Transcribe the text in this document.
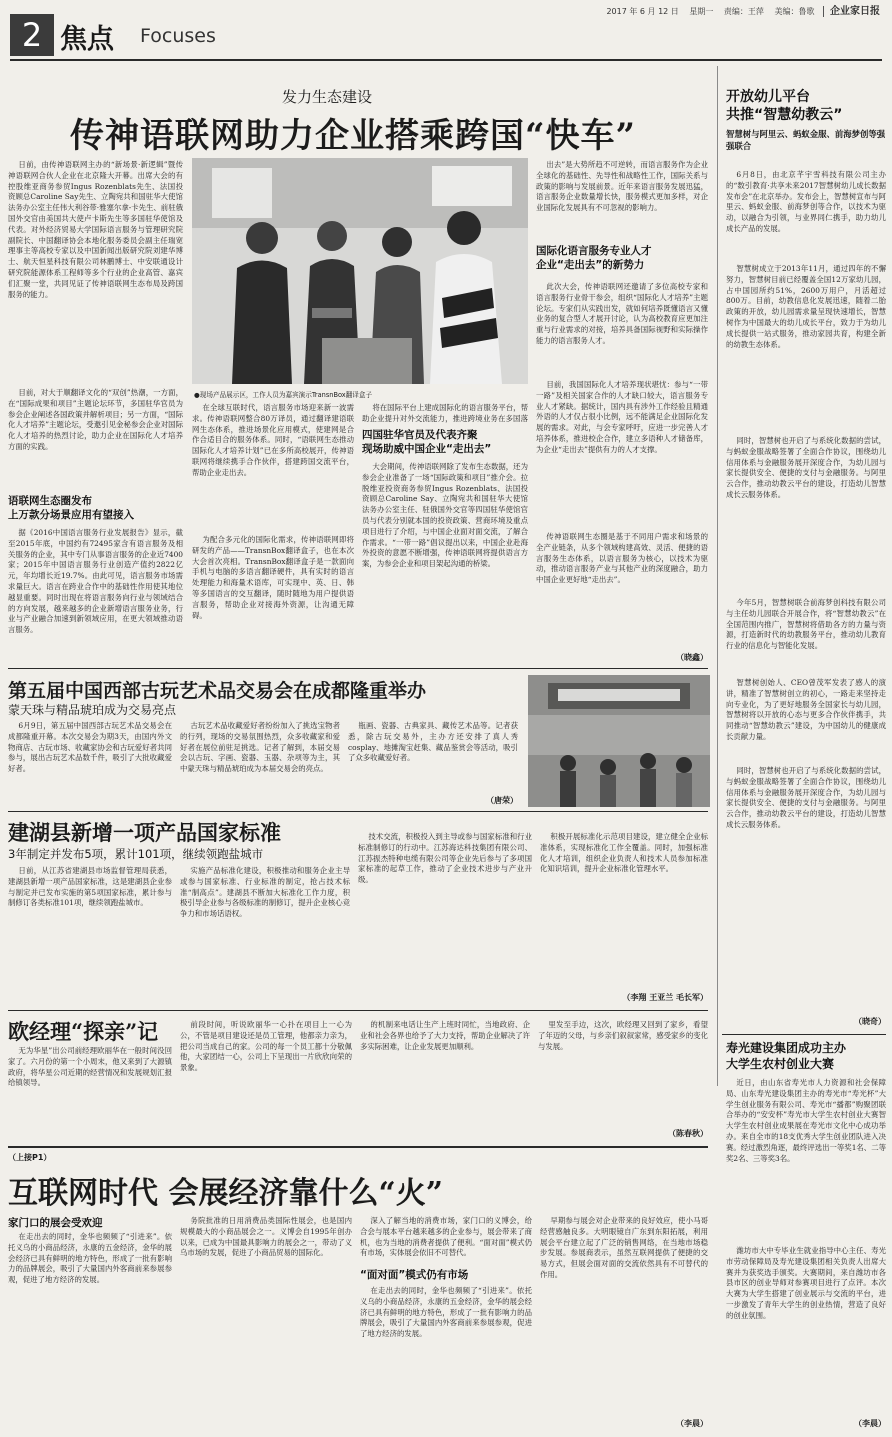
2017 年 6 月 12 日 星期一 责编：王萍 美编：鲁歌 企业家日报
2 焦点 Focuses
发力生态建设
传神语联网助力企业搭乘跨国“快车”
日前，由传神语联网主办的“新场景·新逻辑”暨传神语联网合伙人企业在北京隆大开幕。出席大会的有控股维亚商务参贸Ingus Rozenblats先生、法国投资顾总Caroline Say先生、立陶宛共和国驻华大使馆法务办公室主任伟大利谷带·雅塞尔拿-卡先生、前驻俄国外交官由美国共大使卢卡斯先生等多国驻华使馆及代表。对外经济贸易大学国际语言服务与管理研究院副院长、中国翻译协会本地化服务委员会副主任瑞宽理事主等高校专家以及中国新闻出版研究院刘建华博士、航天恒星科技有限公司林鹏博士、中安联通设计研究院能源体系工程师等多个行业的企业高管、嘉宾们汇聚一堂，共同见证了传神语联网生态布局及跨国服务的能力。
目前，对大于顺翻译文化的“双创”热潮，一方面，在“国际成果和项目”主题论坛环节，多国驻华官员为参会企业阐述各国政策并解析项目；另一方面，“国际化人才培养”主题论坛，受邀引见金秘参会企业对国际化人才培养的热烈讨论，助力企业在国际化人才培养方面的实践。
语联网生态圈发布
上万款分场景应用有望接入
据《2016中国语言服务行业发展报告》显示，截至2015年底，中国约有72495家含有语言服务及相关服务的企业，其中专门从事语言服务的企业近7400家；2015年中国语言服务行业创造产值约2822亿元，年均增长近19.7%。由此可见，语言服务市场需求量巨大。语言在跨业合作中的基础性作用使其地位越显重要。同时出现在将语言服务向行业与领域结合的方向发展，越来越多的企业新增语言服务业务，行业与产业融合加速到新领域应用，在更大领域推动语言服务。
●现场产品展示区，工作人员为嘉宾演示TransnBox翻译盒子
在全球互联时代，语言服务市场迎来新一波需求。传神语联网整合80万译员，通过翻译建语联网生态体系，推进场景化应用模式，使建网是合作合适目合的服务体系。同时，“语联网生态推动国际化人才培养计划”已在多所高校展开，传神语联网将继续携手合作伙伴，搭建跨国交流平台，帮助企业走出去。
为配合多元化的国际化需求，传神语联网即将研发的产品——TransnBox翻译盒子，也在本次大会首次亮相。TransnBox翻译盒子是一款面向手机与电脑的多语言翻译硬件，具有实时的语言处理能力和海量术语库，可实现中、英、日、韩等多国语言的交互翻译，随时随地为用户提供语言服务，帮助企业对接海外资源，让沟通无障碍。
将在国际平台上建成国际化的语言服务平台，帮助企业提升对外交流能力，推进跨境业务在多国落
四国驻华官员及代表齐聚
现场助威中国企业“走出去”
大会期间，传神语联网除了发布生态数据，还为参会企业准备了一场“国际政策和项目”推介会。拉脱维亚投资商务参贸Ingus Rozenblats、法国投资顾总Caroline Say、立陶宛共和国驻华大使馆法务办公室主任、驻俄国外交官等四国驻华使馆官员与代表分别就本国的投资政策、营商环境及重点项目进行了介绍，与中国企业面对面交流，了解合作需求。“一带一路”倡议提出以来，中国企业赴海外投资的意愿不断增强，传神语联网将提供语言方案，为参会企业和项目架起沟通的桥梁。
出去”是大势所趋不可逆转，而语言服务作为企业全球化的基础性、先导性和战略性工作，国际关系与政策的影响与发展前景。近年来语言服务发展迅猛，语言服务企业数量增长快，服务模式更加多样，对企业国际化发展具有不可忽视的影响力。
国际化语言服务专业人才
企业“走出去”的新势力
此次大会，传神语联网还邀请了多位高校专家和语言服务行业骨干参会，组织“国际化人才培养”主题论坛。专家们从实践出发，就如何培养既懂语言又懂业务的复合型人才展开讨论，认为高校教育应更加注重与行业需求的对接，培养具备国际视野和实际操作能力的语言服务人才。
目前，我国国际化人才培养现状堪忧：参与“一带一路”及相关国家合作的人才缺口较大，语言服务专业人才紧缺。据统计，国内具有涉外工作经验且精通外语的人才仅占很小比例，远不能满足企业国际化发展的需求。对此，与会专家呼吁，应进一步完善人才培养体系，推进校企合作，建立多语种人才储备库，为企业“走出去”提供有力的人才支撑。
传神语联网生态圈是基于不同用户需求和场景的全产业链条，从多个领域构建高效、灵活、便捷的语言服务生态体系，以语言服务为核心，以技术为驱动，推动语言服务产业与其他产业的深度融合，助力中国企业更好地“走出去”。
（晓鑫）
开放幼儿平台
共推“智慧幼教云”
智慧树与阿里云、蚂蚁金服、前海梦创等强强联合
6月8日，由北京芊宇雪科技有限公司主办的“数引教育·共享未来2017智慧树幼儿成长数据发布会”在北京举办。发布会上，智慧树宣布与阿里云、蚂蚁金服、前海梦创等合作，以技术为驱动，以融合为引领，与业界同仁携手，助力幼儿成长产品的发展。
智慧树成立于2013年11月，通过四年的不懈努力，智慧树目前已经覆盖全国12万家幼儿园，占中国园所约51%，2600万用户，月活超过800万。目前，幼教信息化发展迅速，随着二胎政策的开放，幼儿园需求量呈现快速增长，智慧树作为中国最大的幼儿成长平台，致力于为幼儿成长提供一站式服务，推动家园共育，构建全新的幼教生态体系。
同时，智慧树也开启了与系统化数据的尝试，与蚂蚁金服战略签署了全面合作协议，围绕幼儿信用体系与金融服务展开深度合作，为幼儿园与家长提供安全、便捷的支付与金融服务。与阿里云合作，推动幼教云平台的建设，打造幼儿智慧成长云服务体系。
今年5月，智慧树联合前海梦创科技有限公司与主任幼儿园联合开展合作，将“智慧幼教云”在全国范围内推广，智慧树将借助各方的力量与资源，打造新时代的幼教服务平台，推动幼儿教育行业的信息化与智能化发展。
智慧树创始人、CEO曾茂军发表了感人的演讲，精准了智慧树创立的初心，一路走来坚持走向专业化，为了更好地服务全国家长与幼儿园，智慧树将以开放的心态与更多合作伙伴携手，共同推动“智慧幼教云”建设，为中国幼儿的健康成长贡献力量。
（晓奇）
同时，智慧树也开启了与系统化数据的尝试，与蚂蚁金服战略签署了全面合作协议，围绕幼儿信用体系与金融服务展开深度合作，为幼儿园与家长提供安全、便捷的支付与金融服务。与阿里云合作，推动幼教云平台的建设，打造幼儿智慧成长云服务体系。
寿光建设集团成功主办
大学生农村创业大赛
近日，由山东省寿光市人力资源和社会保障局、山东寿光建设集团主办的寿光市“寿光杯”大学生创业服务有限公司、寿光市“播都”购聚团联合举办的“安安杯”寿光市大学生农村创业大赛智大学生农村创业成果展在寿光市文化中心成功举办。来自全市的18支优秀大学生创业团队进入决赛。经过激烈角逐，最终评选出一等奖1名、二等奖2名、三等奖3名。
潍坊市大中专毕业生就业指导中心主任、寿光市劳动保障局及寿光建设集团相关负责人出席大赛并为获奖选手颁奖。大赛期间，来自潍坊市各县市区的创业导师对参赛项目进行了点评。本次大赛为大学生搭建了创业展示与交流的平台，进一步激发了青年大学生的创业热情，营造了良好的创业氛围。
（李晨）
第五届中国西部古玩艺术品交易会在成都隆重举办
蒙天珠与精品琥珀成为交易亮点
6月9日，第五届中国西部古玩艺术品交易会在成都隆重开幕。本次交易会为期3天，由国内外文物商店、古玩市场、收藏家协会和古玩爱好者共同参与，展出古玩艺术品数千件，吸引了大批收藏爱好者。
古玩艺术品收藏爱好者纷纷加入了挑选宝物者的行列，现场的交易氛围热烈，众多收藏家和爱好者在展位前驻足挑选。记者了解到，本届交易会以古玩、字画、瓷器、玉器、杂项等为主，其中蒙天珠与精品琥珀成为本届交易会的亮点。
瓶画、瓷器、古典家具、藏传艺术品等。记者获悉，除古玩交易外，主办方还安排了真人秀cosplay、地摊淘宝赶集、藏品鉴赏会等活动，吸引了众多收藏爱好者。
（唐荣）
建湖县新增一项产品国家标准
3年制定并发布5项，累计101项，继续领跑盐城市
日前，从江苏省建湖县市场监督管理局获悉，建湖县新增一项产品国家标准，这是建湖县企业参与制定并已发布实施的第5项国家标准，累计参与制修订各类标准101项，继续领跑盐城市。
实施产品标准化建设，积极推动和服务企业主导或参与国家标准、行业标准的制定，抢占技术标准“制高点”。建湖县不断加大标准化工作力度，积极引导企业参与各级标准的制修订，提升企业核心竞争力和市场话语权。
技术交流，积极投入到主导或参与国家标准和行业标准制修订的行动中。江苏海达科技集团有限公司、江苏振杰特种电缆有限公司等企业先后参与了多项国家标准的起草工作，推动了企业技术进步与产业升级。
积极开展标准化示范项目建设，建立健全企业标准体系，实现标准化工作全覆盖。同时，加强标准化人才培训，组织企业负责人和技术人员参加标准化知识培训，提升企业标准化管理水平。
（李翔 王亚兰 毛长军）
欧经理“探亲”记
无为华星”出公司前经理欧丽华在一般时间没回家了。六月份的第一个小周末，他又来到了大源镇政府，将华星公司近期的经营情况和发展规划汇报给镇领导。
前段时间，听说欧丽华一心扑在项目上一心为公，不管是项目建设还是员工管理，他都亲力亲为，把公司当成自己的家。公司的每一个员工都十分敬佩他，大家团结一心，公司上下呈现出一片欣欣向荣的景象。
的机制来电话让生产上班时同忙，当地政府、企业和社会各界也给予了大力支持，帮助企业解决了许多实际困难，让企业发展更加顺利。
里发至手边，这次，欧经理又回到了家乡，看望了年迈的父母，与乡亲们叙叙家常，感受家乡的变化与发展。
（陈春秋）
（上接P1）
互联网时代 会展经济靠什么“火”
家门口的展会受欢迎
在走出去的同时，金华也频频了“引进来”。依托义乌的小商品经济，永康的五金经济，金华的展会经济已具有鲜明的地方特色，形成了一批有影响力的品牌展会，吸引了大量国内外客商前来参展参观，促进了地方经济的发展。
务院批准的日用消费品类国际性展会，也是国内规模最大的小商品展会之一。义博会自1995年创办以来，已成为中国最具影响力的展会之一，带动了义乌市场的发展，促进了小商品贸易的国际化。
深入了解当地的消费市场，家门口的义博会，给合会与展本平台越来越多的企业参与，展会带来了商机，也为当地的消费者提供了便利。“面对面”模式仍有市场，实体展会依旧不可替代。
“面对面”模式仍有市场
在走出去的同时，金华也频频了“引进来”。依托义乌的小商品经济，永康的五金经济，金华的展会经济已具有鲜明的地方特色，形成了一批有影响力的品牌展会，吸引了大量国内外客商前来参展参观，促进了地方经济的发展。
早期参与展会对企业带来的良好效应，使小马哥经营感触良多。大明眼镜自广东到东阳拓展，利用展会平台建立起了广泛的销售网络，在当地市场稳步发展。参展商表示，虽然互联网提供了便捷的交易方式，但展会面对面的交流依然具有不可替代的作用。
（李晨）
